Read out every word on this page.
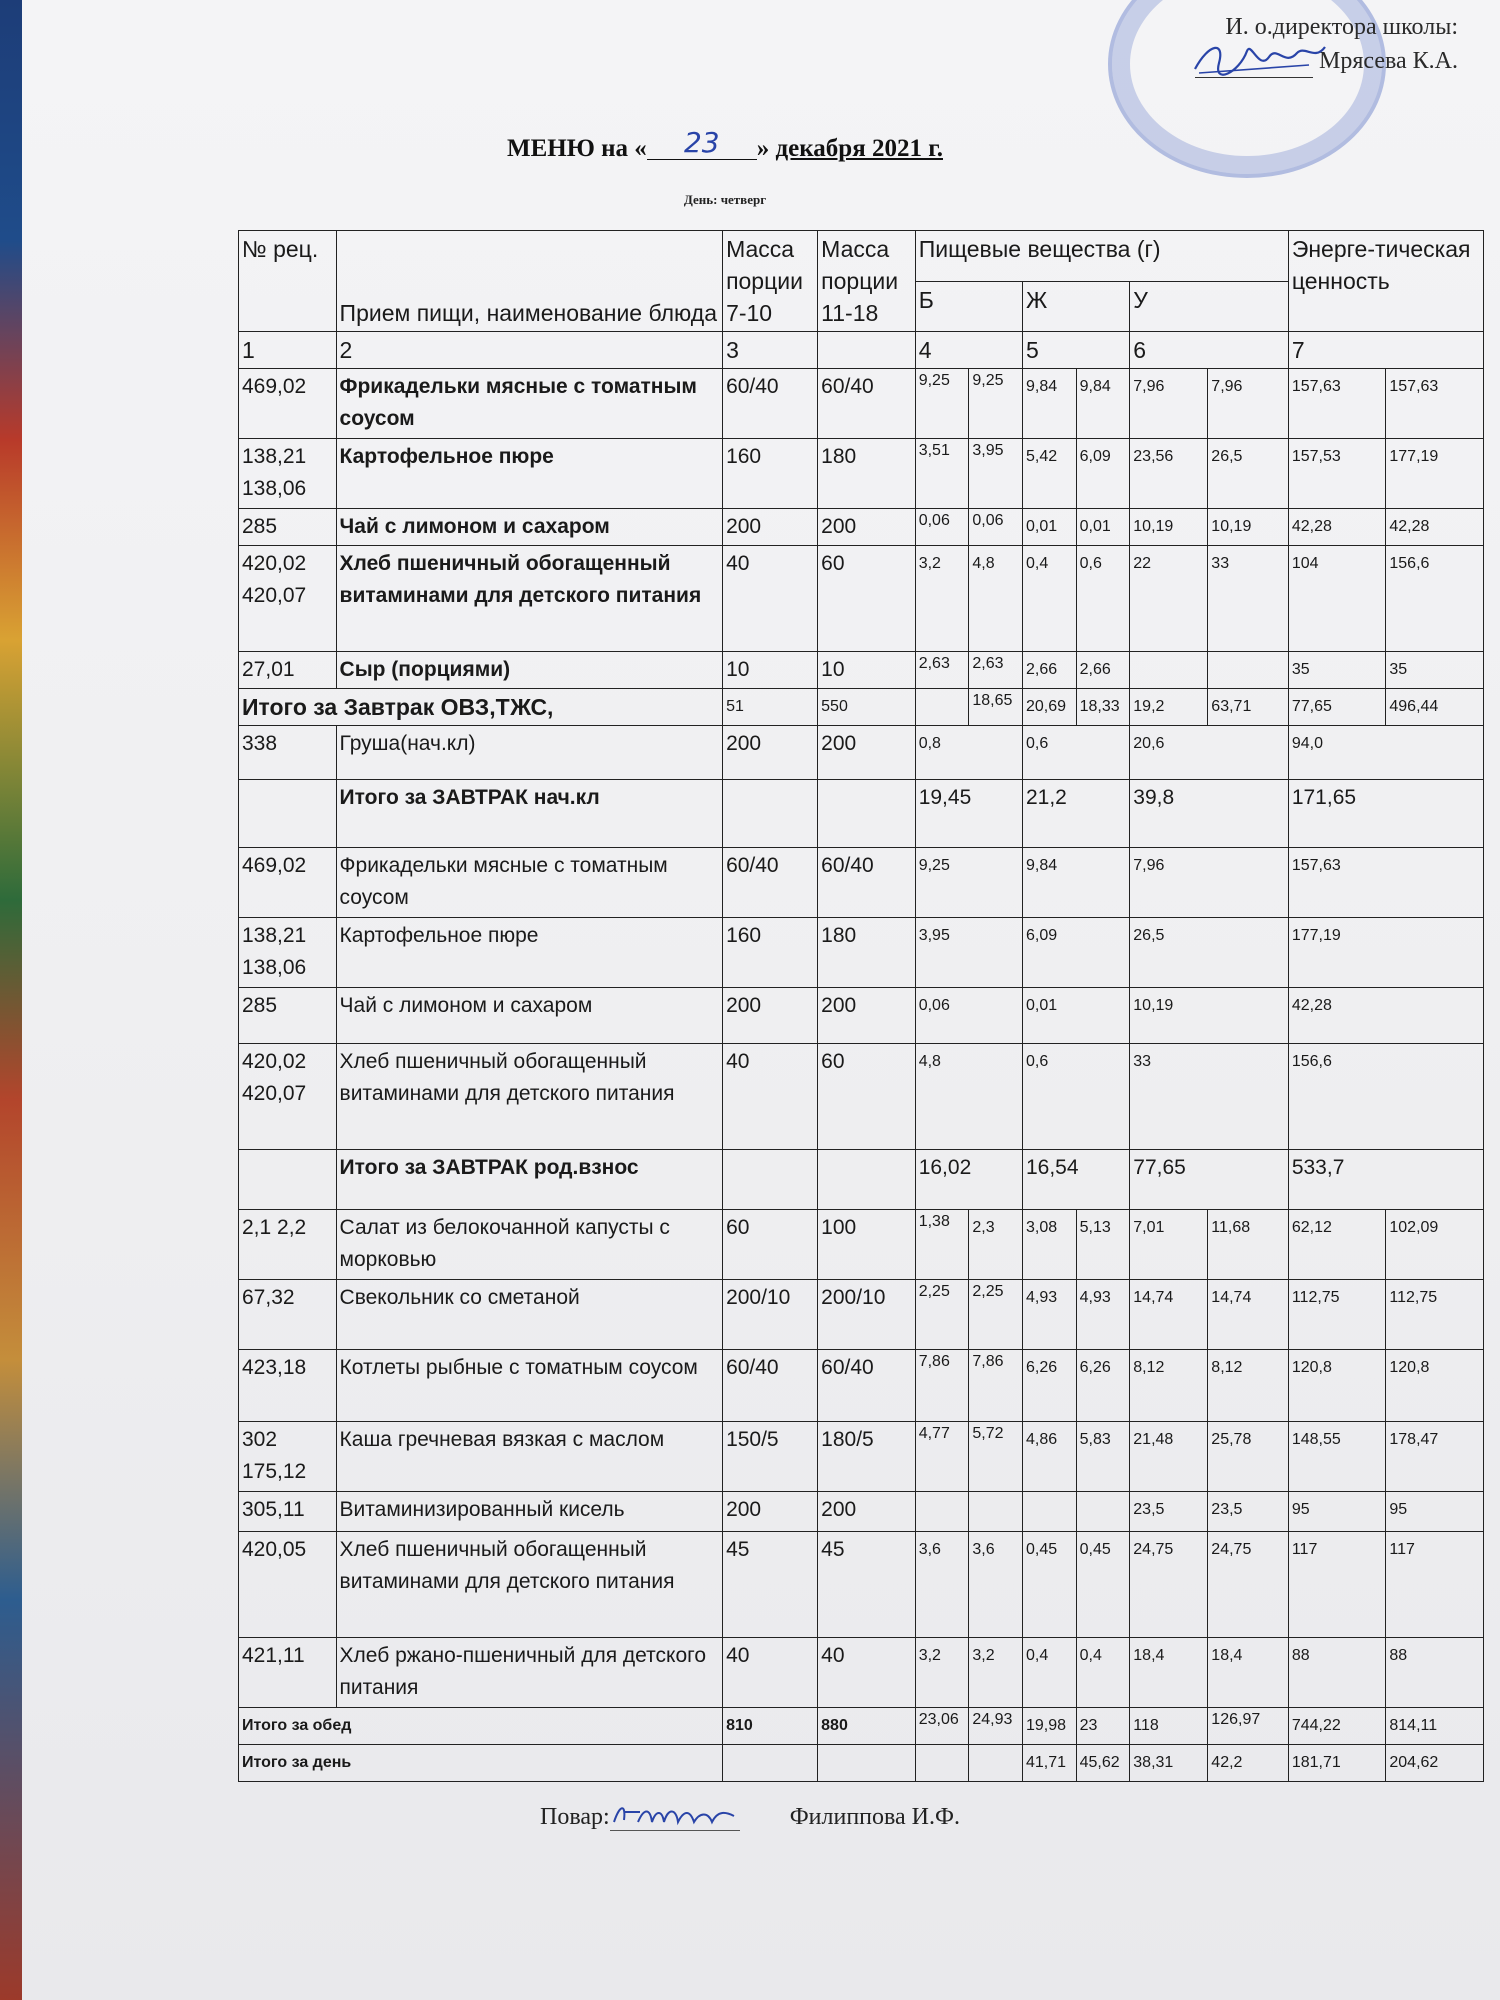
И. о.директора школы:
Мрясева К.А.
МЕНЮ на « 23 » декабря 2021 г.
День: четверг
№ рец.	Прием пищи, наименование блюда	Масса порции 7-10	Масса порции 11-18	Пищевые вещества (г)						Энерге-тическая ценность	
				Б		Ж		У			
1	2	3		4		5		6		7	
469,02	Фрикадельки мясные с томатным соусом	60/40	60/40	9,25	9,25	9,84	9,84	7,96	7,96	157,63	157,63
138,21 138,06	Картофельное пюре	160	180	3,51	3,95	5,42	6,09	23,56	26,5	157,53	177,19
285	Чай с лимоном и сахаром	200	200	0,06	0,06	0,01	0,01	10,19	10,19	42,28	42,28
420,02 420,07	Хлеб пшеничный обогащенный витаминами для детского питания	40	60	3,2	4,8	0,4	0,6	22	33	104	156,6
27,01	Сыр (порциями)	10	10	2,63	2,63	2,66	2,66			35	35
Итого за Завтрак ОВЗ,ТЖС,		51	550		18,65	20,69	18,33	19,2	63,71	77,65	496,44
338	Груша(нач.кл)	200	200	0,8		0,6		20,6		94,0	
	Итого за ЗАВТРАК нач.кл			19,45		21,2		39,8		171,65	
469,02	Фрикадельки мясные с томатным соусом	60/40	60/40	9,25		9,84		7,96		157,63	
138,21 138,06	Картофельное пюре	160	180	3,95		6,09		26,5		177,19	
285	Чай с лимоном и сахаром	200	200	0,06		0,01		10,19		42,28	
420,02 420,07	Хлеб пшеничный обогащенный витаминами для детского питания	40	60	4,8		0,6		33		156,6	
	Итого за ЗАВТРАК род.взнос			16,02		16,54		77,65		533,7	
2,1 2,2	Салат из белокочанной капусты с морковью	60	100	1,38	2,3	3,08	5,13	7,01	11,68	62,12	102,09
67,32	Свекольник со сметаной	200/10	200/10	2,25	2,25	4,93	4,93	14,74	14,74	112,75	112,75
423,18	Котлеты рыбные с томатным соусом	60/40	60/40	7,86	7,86	6,26	6,26	8,12	8,12	120,8	120,8
302 175,12	Каша гречневая вязкая с маслом	150/5	180/5	4,77	5,72	4,86	5,83	21,48	25,78	148,55	178,47
305,11	Витаминизированный кисель	200	200					23,5	23,5	95	95
420,05	Хлеб пшеничный обогащенный витаминами для детского питания	45	45	3,6	3,6	0,45	0,45	24,75	24,75	117	117
421,11	Хлеб ржано-пшеничный для детского питания	40	40	3,2	3,2	0,4	0,4	18,4	18,4	88	88
Итого за обед		810	880	23,06	24,93	19,98	23	118	126,97	744,22	814,11
Итого за день						41,71	45,62	38,31	42,2	181,71	204,62
Повар:	Филиппова И.Ф.
